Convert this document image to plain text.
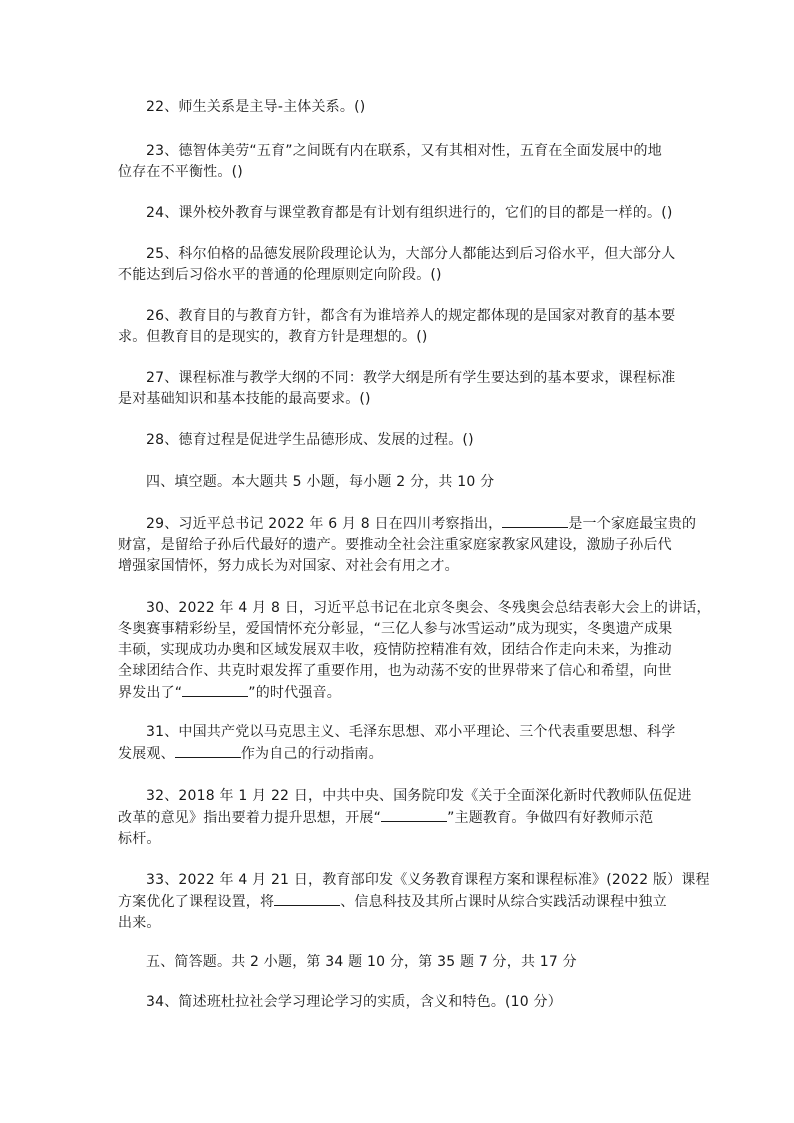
22、师生关系是主导-主体关系。()
23、德智体美劳“五育”之间既有内在联系，又有其相对性，五育在全面发展中的地
位存在不平衡性。()
24、课外校外教育与课堂教育都是有计划有组织进行的，它们的目的都是一样的。()
25、科尔伯格的品德发展阶段理论认为，大部分人都能达到后习俗水平，但大部分人
不能达到后习俗水平的普通的伦理原则定向阶段。()
26、教育目的与教育方针，都含有为谁培养人的规定都体现的是国家对教育的基本要
求。但教育目的是现实的，教育方针是理想的。()
27、课程标准与教学大纲的不同：教学大纲是所有学生要达到的基本要求，课程标准
是对基础知识和基本技能的最高要求。()
28、德育过程是促进学生品德形成、发展的过程。()
四、填空题。本大题共 5 小题，每小题 2 分，共 10 分
29、习近平总书记 2022 年 6 月 8 日在四川考察指出，	是一个家庭最宝贵的
财富，是留给子孙后代最好的遗产。要推动全社会注重家庭家教家风建设，激励子孙后代
增强家国情怀，努力成长为对国家、对社会有用之才。
30、2022 年 4 月 8 日，习近平总书记在北京冬奥会、冬残奥会总结表彰大会上的讲话，
冬奥赛事精彩纷呈，爱国情怀充分彰显，“三亿人参与冰雪运动”成为现实，冬奥遗产成果
丰硕，实现成功办奥和区域发展双丰收，疫情防控精准有效，团结合作走向未来，为推动
全球团结合作、共克时艰发挥了重要作用，也为动荡不安的世界带来了信心和希望，向世
界发出了“	”的时代强音。
31、中国共产党以马克思主义、毛泽东思想、邓小平理论、三个代表重要思想、科学
发展观、	作为自己的行动指南。
32、2018 年 1 月 22 日，中共中央、国务院印发《关于全面深化新时代教师队伍促进
改革的意见》指出要着力提升思想，开展“	”主题教育。争做四有好教师示范
标杆。
33、2022 年 4 月 21 日，教育部印发《义务教育课程方案和课程标准》(2022 版）课程
方案优化了课程设置，将	、信息科技及其所占课时从综合实践活动课程中独立
出来。
五、简答题。共 2 小题，第 34 题 10 分，第 35 题 7 分，共 17 分
34、简述班杜拉社会学习理论学习的实质，含义和特色。(10 分）
